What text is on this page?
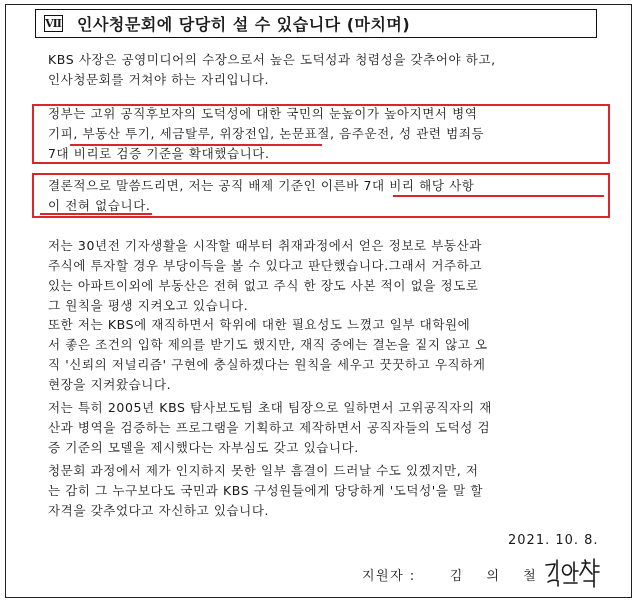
Ⅶ 인사청문회에 당당히 설 수 있습니다 (마치며)
KBS 사장은 공영미디어의 수장으로서 높은 도덕성과 청렴성을 갖추어야 하고,
인사청문회를 거쳐야 하는 자리입니다.
정부는 고위 공직후보자의 도덕성에 대한 국민의 눈높이가 높아지면서 병역
기피, 부동산 투기, 세금탈루, 위장전입, 논문표절, 음주운전, 성 관련 범죄등
7대 비리로 검증 기준을 확대했습니다.
결론적으로 말씀드리면, 저는 공직 배제 기준인 이른바 7대 비리 해당 사항
이 전혀 없습니다.
저는 30년전 기자생활을 시작할 때부터 취재과정에서 얻은 정보로 부동산과
주식에 투자할 경우 부당이득을 볼 수 있다고 판단했습니다.그래서 거주하고
있는 아파트이외에 부동산은 전혀 없고 주식 한 장도 사본 적이 없을 정도로
그 원칙을 평생 지켜오고 있습니다.
또한 저는 KBS에 재직하면서 학위에 대한 필요성도 느꼈고 일부 대학원에
서 좋은 조건의 입학 제의를 받기도 했지만, 재직 중에는 결논을 짙지 않고 오
직 '신뢰의 저널리즘' 구현에 충실하겠다는 원칙을 세우고 꿋꿋하고 우직하게
현장을 지켜왔습니다.
저는 특히 2005년 KBS 탐사보도팀 초대 팀장으로 일하면서 고위공직자의 재
산과 병역을 검증하는 프로그램을 기획하고 제작하면서 공직자들의 도덕성 검
증 기준의 모델을 제시했다는 자부심도 갖고 있습니다.
청문회 과정에서 제가 인지하지 못한 일부 흠결이 드러날 수도 있겠지만, 저
는 감히 그 누구보다도 국민과 KBS 구성원들에게 당당하게 '도덕성'을 말 할
자격을 갖추었다고 자신하고 있습니다.
2021. 10. 8.
지원자 :	김 의 철
